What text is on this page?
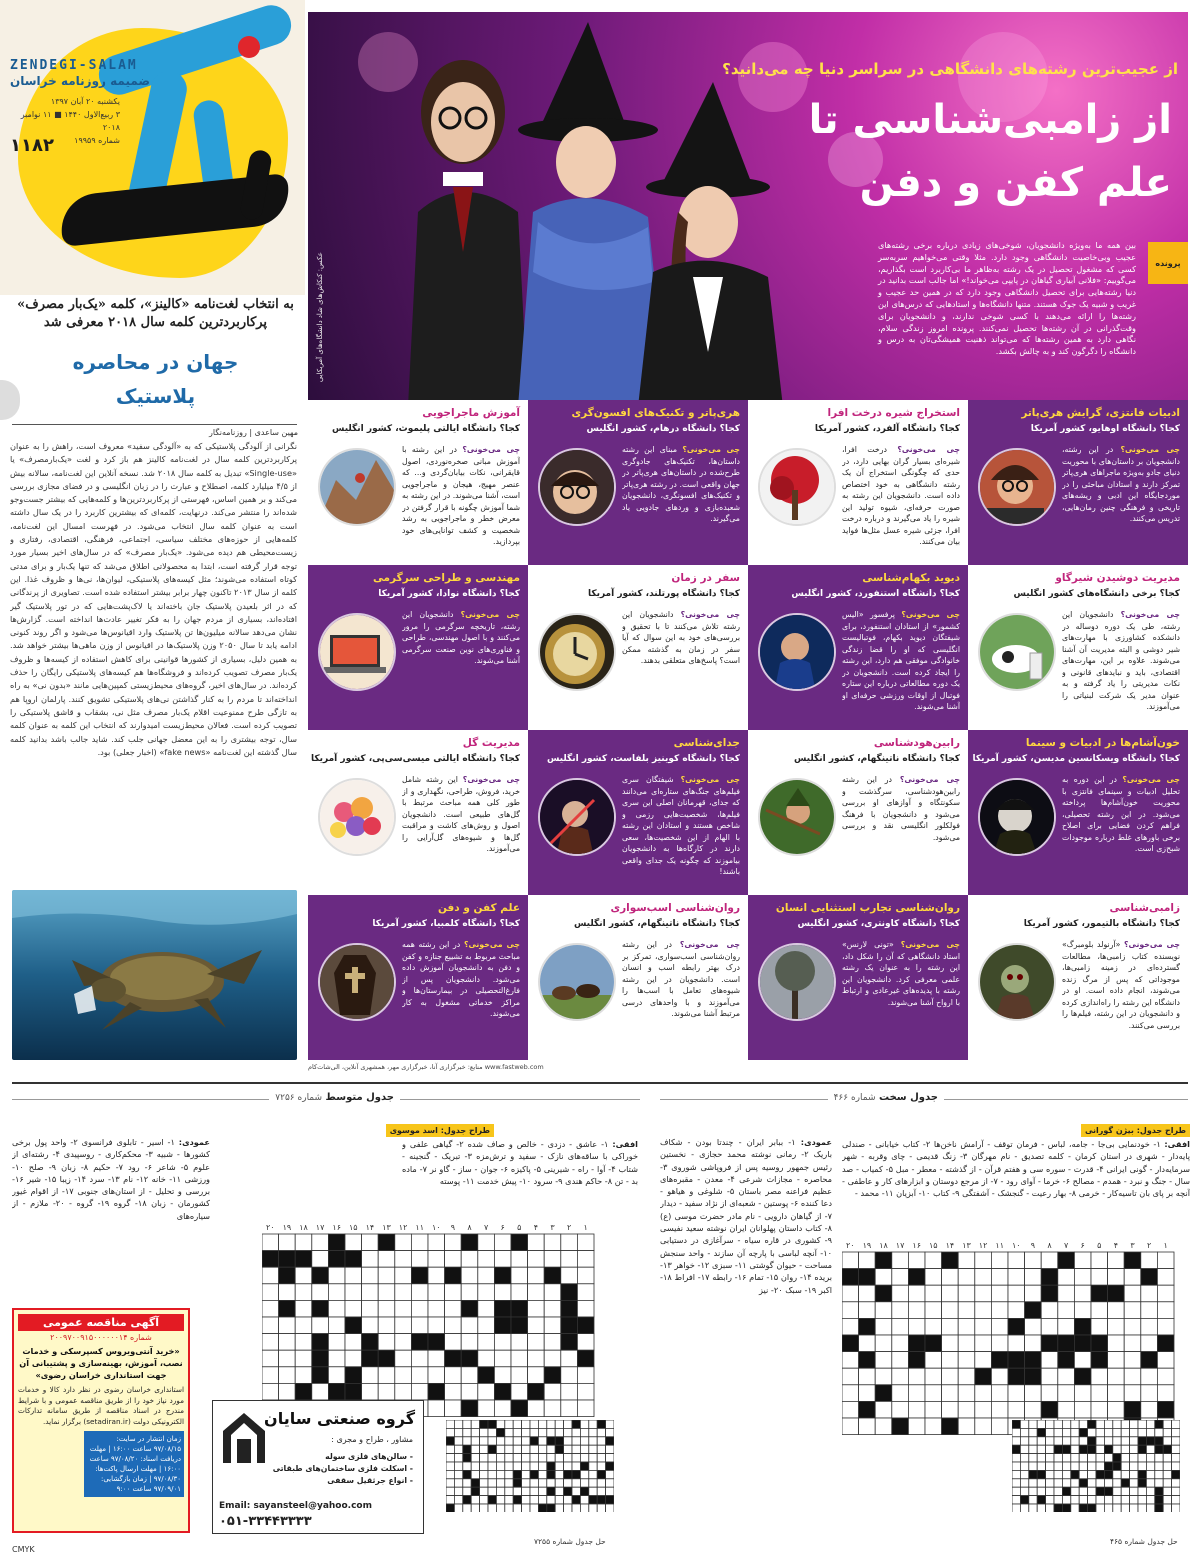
ZENDEGI-SALAM
ضمیمه روزنامه خراسان
یکشنبه ۲۰ آبان ۱۳۹۷
۳ ربیع‌الاول ۱۴۴۰ ■ ۱۱ نوامبر ۲۰۱۸
شماره ۱۹۹۵۹
۱۱۸۲
به انتخاب لغت‌نامه «کالینز»، کلمه «یک‌بار مصرف» پرکاربردترین کلمه سال ۲۰۱۸ معرفی شد
جهان در محاصره
پلاستیک
مهین ساعدی | روزنامه‌نگار
نگرانی از آلودگی پلاستیکی که به «آلودگی سفید» معروف است، راهش را به عنوان پرکاربردترین کلمه سال در لغت‌نامه کالینز هم باز کرد و لغت «یک‌بارمصرف» یا «Single-use» تبدیل به کلمه سال ۲۰۱۸ شد. نسخه آنلاین این لغت‌نامه، سالانه بیش از ۴/۵ میلیارد کلمه، اصطلاح و عبارت را در زبان انگلیسی و در فضای مجازی بررسی می‌کند و بر همین اساس، فهرستی از پرکاربردترین‌ها و کلمه‌هایی که بیشتر جست‌وجو شده‌اند را منتشر می‌کند. درنهایت، کلمه‌ای که بیشترین کاربرد را در یک سال داشته است به عنوان کلمه سال انتخاب می‌شود. در فهرست امسال این لغت‌نامه، کلمه‌هایی از حوزه‌های مختلف سیاسی، اجتماعی، فرهنگی، اقتصادی، رفتاری و زیست‌محیطی هم دیده می‌شود. «یک‌بار مصرف» که در سال‌های اخیر بسیار مورد توجه قرار گرفته است، ابتدا به محصولاتی اطلاق می‌شد که تنها یک‌بار و برای مدتی کوتاه استفاده می‌شوند؛ مثل کیسه‌های پلاستیکی، لیوان‌ها، نی‌ها و ظروف غذا. این کلمه از سال ۲۰۱۳ تاکنون چهار برابر بیشتر استفاده شده است. تصاویری از پرندگانی که در اثر بلعیدن پلاستیک جان باخته‌اند یا لاک‌پشت‌هایی که در تور پلاستیک گیر افتاده‌اند، بسیاری از مردم جهان را به فکر تغییر عادت‌ها انداخته است. گزارش‌ها نشان می‌دهد سالانه میلیون‌ها تن پلاستیک وارد اقیانوس‌ها می‌شود و اگر روند کنونی ادامه یابد تا سال ۲۰۵۰ وزن پلاستیک‌ها در اقیانوس از وزن ماهی‌ها بیشتر خواهد شد. به همین دلیل، بسیاری از کشورها قوانینی برای کاهش استفاده از کیسه‌ها و ظروف یک‌بار مصرف تصویب کرده‌اند و فروشگاه‌ها هم کیسه‌های پلاستیکی رایگان را حذف کرده‌اند. در سال‌های اخیر، گروه‌های محیط‌زیستی کمپین‌هایی مانند «بدون نی» به راه انداخته‌اند تا مردم را به کنار گذاشتن نی‌های پلاستیکی تشویق کنند. پارلمان اروپا هم به تازگی طرح ممنوعیت اقلام یک‌بار مصرف مثل نی، بشقاب و قاشق پلاستیکی را تصویب کرده است. فعالان محیط‌زیست امیدوارند که انتخاب این کلمه به عنوان کلمه سال، توجه بیشتری را به این معضل جهانی جلب کند. شاید جالب باشد بدانید کلمه سال گذشته این لغت‌نامه «fake news» (اخبار جعلی) بود.
از عجیب‌ترین رشته‌های دانشگاهی در سراسر دنیا چه می‌دانید؟
از زامبی‌شناسی تا
علم کفن و دفن
پرونده
بین همه ما به‌ویژه دانشجویان، شوخی‌های زیادی درباره برخی رشته‌های عجیب وبی‌خاصیت دانشگاهی وجود دارد. مثلا وقتی می‌خواهیم سربه‌سر کسی که مشغول تحصیل در یک رشته به‌ظاهر ما بی‌کاربرد است بگذاریم، می‌گوییم: «فلانی آبیاری گیاهان در پایپی می‌خواند!» اما جالب است بدانید در دنیا رشته‌هایی برای تحصیل دانشگاهی وجود دارد که در همین حد عجیب و غریب و شبیه یک جوک هستند. متنها دانشگاه‌ها و استادهایی که درس‌های این رشته‌ها را ارائه می‌دهند با کسی شوخی ندارند، و دانشجویان برای وقت‌گذرانی در آن رشته‌ها تحصیل نمی‌کنند. پرونده امروز زندگی سلام، نگاهی دارد به همین رشته‌ها که می‌تواند ذهنیت همیشگی‌تان به درس و دانشگاه را دگرگون کند و به چالش بکشد.
عکس: کنکاش‌های شاد دانشگاه‌های آمریکایی
ادبیات فانتزی، گرایش هری‌پاتر
کجا؟ دانشگاه اوهایو، کشور آمریکا
چی می‌خونی؟ در این رشته، دانشجویان بر داستان‌های با محوریت دنیای جادو به‌ویژه ماجراهای هری‌پاتر تمرکز دارند و استادان مباحثی را در موردجایگاه این ادبی و ریشه‌های تاریخی و فرهنگی چنین رمان‌هایی، تدریس می‌کنند.
استخراج شیره درخت افرا
کجا؟ دانشگاه آلفرد، کشور آمریکا
چی می‌خونی؟ درخت افرا، شیره‌ای بسیار گران بهایی دارد، در حدی که چگونگی استخراج آن یک رشته دانشگاهی به خود اختصاص داده است. دانشجویان این رشته به صورت حرفه‌ای، شیوه تولید این شیره را یاد می‌گیرند و درباره درخت افرا، جزئی شیره عسل مثل‌ها فواید بیان می‌کنند.
هری‌پاتر و تکنیک‌های افسون‌گری
کجا؟ دانشگاه درهام، کشور انگلیس
چی می‌خونی؟ مبنای این رشته داستان‌ها، تکنیک‌های جادوگری طرح‌شده در داستان‌های هری‌پاتر در جهان واقعی است. در رشته هری‌پاتر و تکنیک‌های افسونگری، دانشجویان شعبده‌بازی و وردهای جادویی یاد می‌گیرند.
آموزش ماجراجویی
کجا؟ دانشگاه ایالتی پلیموث، کشور انگلیس
چی می‌خونی؟ در این رشته با آموزش مبانی صخره‌نوردی، اصول قایقرانی، نکات بیابان‌گردی و... که عنصر مهیج، هیجان و ماجراجویی است، آشنا می‌شوند. در این رشته به شما آموزش چگونه با قرار گرفتن در معرض خطر و ماجراجویی به رشد شخصیت و کشف توانایی‌های خود بپردازید.
مدیریت دوشیدن شیرگاو
کجا؟ برخی دانشگاه‌های کشور انگلیس
چی می‌خونی؟ دانشجویان این رشته، طی یک دوره دوساله در دانشکده کشاورزی با مهارت‌های شیر دوشی و البته مدیریت آن آشنا می‌شوند. علاوه بر این، مهارت‌های اقتصادی، باید و نبایدهای قانونی و نکات مدیریتی را یاد گرفته و به عنوان مدیر یک شرکت لبنیاتی را می‌آموزند.
دیوید بکهام‌شناسی
کجا؟ دانشگاه استنفورد، کشور انگلیس
چی می‌خونی؟ پرفسور «الیس کشمور» از استادان استنفورد، برای شیفتگان دیوید بکهام، فوتبالیست انگلیسی که او را قضا زندگی خانوادگی موفقی هم دارد، این رشته را ایجاد کرده است. دانشجویان در یک دوره مطالعاتی درباره این ستاره فوتبال از اوقات ورزشی حرفه‌ای او آشنا می‌شوند.
سفر در زمان
کجا؟ دانشگاه پورتلند، کشور آمریکا
چی می‌خونی؟ دانشجویان این رشته تلاش می‌کنند تا با تحقیق و بررسی‌های خود به این سوال که آیا سفر در زمان به گذشته ممکن است؟ پاسخ‌های متعلقی بدهند.
مهندسی و طراحی سرگرمی
کجا؟ دانشگاه نوادا، کشور آمریکا
چی می‌خونی؟ دانشجویان این رشته، تاریخچه سرگرمی را مرور می‌کنند و با اصول مهندسی، طراحی و فناوری‌های نوین صنعت سرگرمی آشنا می‌شوند.
خون‌آشام‌ها در ادبیات و سینما
کجا؟ دانشگاه ویسکانسین مدیسن، کشور آمریکا
چی می‌خونی؟ در این دوره به تحلیل ادبیات و سینمای فانتزی با محوریت خون‌آشام‌ها پرداخته می‌شود. در این رشته تحصیلی، فراهم کردن فضایی برای اصلاح برخی باورهای غلط درباره موجودات شبح‌زی است.
رابین‌هودشناسی
کجا؟ دانشگاه ناتینگهام، کشور انگلیس
چی می‌خونی؟ در این رشته رابین‌هودشناسی، سرگذشت و سکونتگاه و آوازهای او بررسی می‌شود و دانشجویان با فرهنگ فولکلور انگلیسی نقد و بررسی می‌شود.
جدای‌شناسی
کجا؟ دانشگاه کوینیز بلفاست، کشور انگلیس
چی می‌خونی؟ شیفتگان سری فیلم‌های جنگ‌های ستاره‌ای می‌دانند که جدای، قهرمانان اصلی این سری فیلم‌ها، شخصیت‌هایی رزمی و شاخص هستند و استادان این رشته با الهام از این شخصیت‌ها، سعی دارند در کارگاه‌ها به دانشجویان بیاموزند که چگونه یک جدای واقعی باشند!
مدیریت گل
کجا؟ دانشگاه ایالتی میسی‌سی‌پی، کشور آمریکا
چی می‌خونی؟ این رشته شامل خرید، فروش، طراحی، نگهداری و از طور کلی همه مباحث مرتبط با گل‌های طبیعی است. دانشجویان اصول و روش‌های کاشت و مراقبت گل‌ها و شیوه‌های گل‌آرایی را می‌آموزند.
زامبی‌شناسی
کجا؟ دانشگاه بالتیمور، کشور آمریکا
چی می‌خونی؟ «آرنولد بلومبرگ» نویسنده کتاب زامبی‌ها، مطالعات گسترده‌ای در زمینه زامبی‌ها، موجوداتی که پس از مرگ زنده می‌شوند، انجام داده است. او در دانشگاه این رشته را راه‌اندازی کرده و دانشجویان در این رشته، فیلم‌ها را بررسی می‌کنند.
روان‌شناسی تجارب استثنایی انسان
کجا؟ دانشگاه کاونتری، کشور انگلیس
چی می‌خونی؟ «تونی لارنس» استاد دانشگاهی که آن را شکل داد، این رشته را به عنوان یک رشته علمی معرفی کرد. دانشجویان این رشته با پدیده‌های غیرعادی و ارتباط با ارواح آشنا می‌شوند.
روان‌شناسی اسب‌سواری
کجا؟ دانشگاه ناتینگهام، کشور انگلیس
چی می‌خونی؟ در این رشته روان‌شناسی اسب‌سواری، تمرکز بر درک بهتر رابطه اسب و انسان است. دانشجویان در این رشته شیوه‌های تعامل با اسب‌ها را می‌آموزند و با واحدهای درسی مرتبط آشنا می‌شوند.
علم کفن و دفن
کجا؟ دانشگاه کلمبیا، کشور آمریکا
چی می‌خونی؟ در این رشته همه مباحث مربوط به تشییع جنازه و کفن و دفن به دانشجویان آموزش داده می‌شود. دانشجویان پس از فارغ‌التحصیلی در بیمارستان‌ها و مراکز خدماتی مشغول به کار می‌شوند.
منابع: خبرگزاری آنا، خبرگزاری مهر، همشهری آنلاین، الی‌شات‌کام www.fastweb.com
جدول سخت شماره ۴۶۶
طراح جدول: بیژن گورانی
افقی: ۱- خودنمایی بی‌جا - جامه، لباس - فرمان توقف - آرامش ناخن‌ها ۲- کتاب خیابانی - صندلی پایه‌دار - شهری در استان کرمان - کلمه تصدیق - نام مهرگان ۳- زنگ قدیمی - چای وقربه - شهر سرمایه‌دار - گونی ایرانی ۴- قدرت - سوره سی و هفتم قرآن - از گذشته - معطر - مبل ۵- کمیاب - صد سال - جنگ و نبرد - همدم - مصالح ۶- خرما - آوای رود - ۷- از مرجع دوستان و ابزارهای کار و عاطفی - آنچه بر پای بان تاسیه‌کار - خرمی ۸- بهار رعیت - گنجشک - آشفتگی ۹- کتاب ۱۰- آبزیان ۱۱- محمد -
عمودی: ۱- ببابر ایران - چندتا بودن - شکاف باریک ۲- رمانی نوشته محمد حجازی - نخستین رئیس جمهور روسیه پس از فروپاشی شوروی ۳- محاصره - مجازات شرعی ۴- معدن - مقبره‌های عظیم فراعنه مصر باستان ۵- شلوغی و هیاهو - دعا کننده ۶- پوستین - شعبه‌ای از نژاد سفید - دیدار ۷- از گیاهان دارویی - نام مادر حضرت موسی (ع) ۸- کتاب داستان پهلوانان ایران نوشته سعید نفیسی ۹- کشوری در قاره سیاه - سرآغازی در دستیابی ۱۰- آنچه لباسی با پارچه آن سازند - واحد سنجش مساحت - حیوان گوشتی ۱۱- سبزی ۱۲- خواهر ۱۳- بریده ۱۴- روان ۱۵- تمام ۱۶- رابطه ۱۷- افراط ۱۸- اکبر ۱۹- سبک ۲۰- نیز
۱
۲
۳
۴
۵
۶
۷
۸
۹
۱۰
۱۱
۱۲
۱۳
۱۴
۱۵
۱۶
۱۷
۱۸
۱۹
۲۰
حل جدول شماره ۴۶۵
جدول متوسط شماره ۷۲۵۶
طراح جدول: اسد موسوی
افقی: ۱- عاشق - دزدی - خالص و صاف شده ۲- گیاهی علفی و خوراکی با ساقه‌های نازک - سفید و ترش‌مزه ۳- تبریک - گنجینه - شتاب ۴- آوا - راه - شیرینی ۵- پاکیزه ۶- جوان - ساز - گاو نر ۷- ماده بد - تن ۸- حاکم هندی ۹- سرود ۱۰- پیش خدمت ۱۱- پوسته
عمودی: ۱- اسیر - تابلوی فرانسوی ۲- واحد پول برخی کشورها - شبیه ۳- محکم‌کاری - روسپیدی ۴- رشته‌ای از علوم ۵- شاعر ۶- رود ۷- حکیم ۸- زبان ۹- صلح ۱۰- ورزشی ۱۱- خانه ۱۲- نام ۱۳- سرد ۱۴- زیبا ۱۵- شیر ۱۶- بررسی و تحلیل - از استان‌های جنوبی ۱۷- از اقوام غیور کشورمان - زبان ۱۸- گروه ۱۹- گروه - ۲۰- ملازم - از سیاره‌های
۱
۲
۳
۴
۵
۶
۷
۸
۹
۱۰
۱۱
۱۲
۱۳
۱۴
۱۵
۱۶
۱۷
۱۸
۱۹
۲۰
حل جدول شماره ۷۲۵۵
آگهی مناقصه عمومی
شماره ۲۰۰۹۷۰۰۹۱۵۰۰۰۰۰۰۱۴
«خرید آنتی‌ویروس کسپرسکی و خدمات نصب، آموزش، بهینه‌سازی و پشتیبانی آن جهت استانداری خراسان رضوی»
استانداری خراسان رضوی در نظر دارد کالا و خدمات مورد نیاز خود را از طریق مناقصه عمومی و با شرایط مندرج در اسناد مناقصه از طریق سامانه تدارکات الکترونیکی دولت (setadiran.ir) برگزار نماید.
زمان انتشار در سایت: ۹۷/۰۸/۱۵ ساعت ۱۶:۰۰ | مهلت دریافت اسناد: ۹۷/۰۸/۲۰ ساعت ۱۶:۰۰ | مهلت ارسال پاکت‌ها: ۹۷/۰۸/۳۰ | زمان بازگشایی: ۹۷/۰۹/۰۱ ساعت ۹:۰۰
گروه صنعتی سایان
مشاور ، طراح و مجری :
- سالن‌های فلزی سوله
- اسکلت فلزی ساختمان‌های طبقاتی
- انواع جرثقیل سقفی
Email: sayansteel@yahoo.com
۰۵۱-۳۳۴۴۳۳۳۳
CMYK
